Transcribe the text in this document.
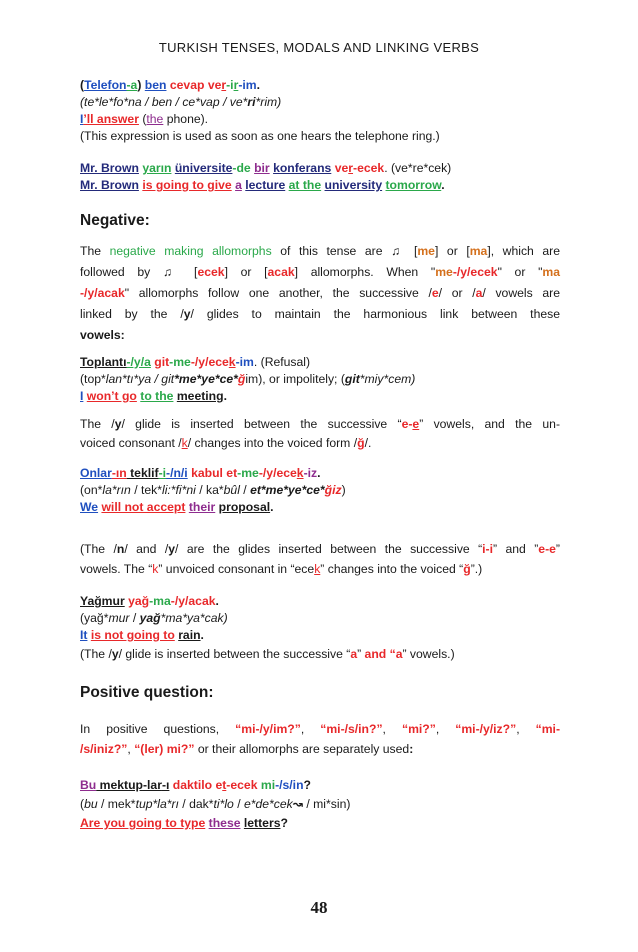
TURKISH TENSES, MODALS AND LINKING VERBS
(Telefon-a) ben cevap ver-ir-im.
(te*le*fo*na / ben / ce*vap / ve*ri*rim)
I’ll answer (the phone).
(This expression is used as soon as one hears the telephone ring.)
Mr. Brown yarın üniversite-de bir konferans ver-ecek. (ve*re*cek)
Mr. Brown is going to give a lecture at the university tomorrow.
Negative:
The negative making allomorphs of this tense are ♫ [me] or [ma], which are
followed by ♫ [ecek] or [acak] allomorphs. When "me-/y/ecek" or "ma
-/y/acak" allomorphs follow one another, the successive /e/ or /a/ vowels are
linked by the /y/ glides to maintain the harmonious link between these
vowels:
Toplantı-/y/a git-me-/y/ecek-im. (Refusal)
(top*lan*tı*ya / git*me*ye*ce*ğim), or impolitely; (git*miy*cem)
I won’t go to the meeting.
The /y/ glide is inserted between the successive “e-e” vowels, and the un-
voiced consonant /k/ changes into the voiced form /ğ/.
Onlar-ın teklif-i-/n/i kabul et-me-/y/ecek-iz.
(on*la*rın / tek*li:*fi*ni / ka*bûl / et*me*ye*ce*ğiz)
We will not accept their proposal.
(The /n/ and /y/ are the glides inserted between the successive “i-i” and ”e-e”
vowels. The “k” unvoiced consonant in “ecek” changes into the voiced “ğ”.)
Yağmur yağ-ma-/y/acak.
(yağ*mur / yağ*ma*ya*cak)
It is not going to rain.
(The /y/ glide is inserted between the successive “a” and “a” vowels.)
Positive question:
In positive questions, “mi-/y/im?”, “mi-/s/in?”, “mi?”, “mi-/y/iz?”, “mi-
/s/iniz?”, “(ler) mi?” or their allomorphs are separately used:
Bu mektup-lar-ı daktilo et-ecek mi-/s/in?
(bu / mek*tup*la*rı / dak*ti*lo / e*de*cek↝ / mi*sin)
Are you going to type these letters?
48
